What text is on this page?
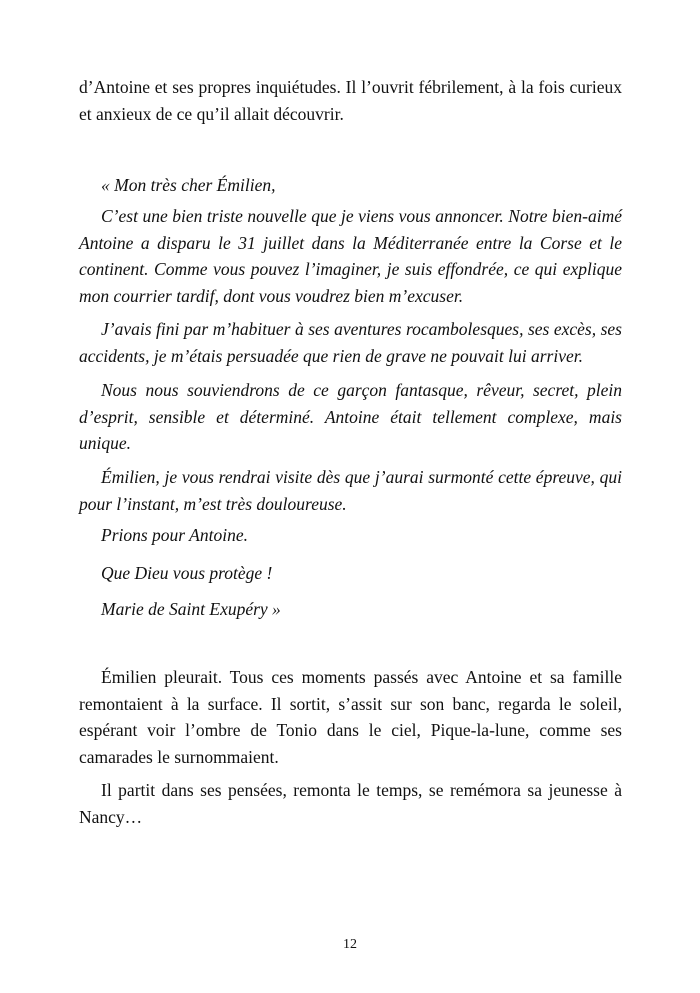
d’Antoine et ses propres inquiétudes. Il l’ouvrit fébrilement, à la fois curieux et anxieux de ce qu’il allait découvrir.

« Mon très cher Émilien,

C’est une bien triste nouvelle que je viens vous annoncer. Notre bien-aimé Antoine a disparu le 31 juillet dans la Méditerranée entre la Corse et le continent. Comme vous pouvez l’imaginer, je suis effondrée, ce qui explique mon courrier tardif, dont vous voudrez bien m’excuser.

J’avais fini par m’habituer à ses aventures rocambolesques, ses excès, ses accidents, je m’étais persuadée que rien de grave ne pouvait lui arriver.

Nous nous souviendrons de ce garçon fantasque, rêveur, secret, plein d’esprit, sensible et déterminé. Antoine était tellement complexe, mais unique.

Émilien, je vous rendrai visite dès que j’aurai surmonté cette épreuve, qui pour l’instant, m’est très douloureuse.

Prions pour Antoine.

Que Dieu vous protège !

Marie de Saint Exupéry »

Émilien pleurait. Tous ces moments passés avec Antoine et sa famille remontaient à la surface. Il sortit, s’assit sur son banc, regarda le soleil, espérant voir l’ombre de Tonio dans le ciel, Pique-la-lune, comme ses camarades le surnommaient.

Il partit dans ses pensées, remonta le temps, se remémora sa jeunesse à Nancy…

12
